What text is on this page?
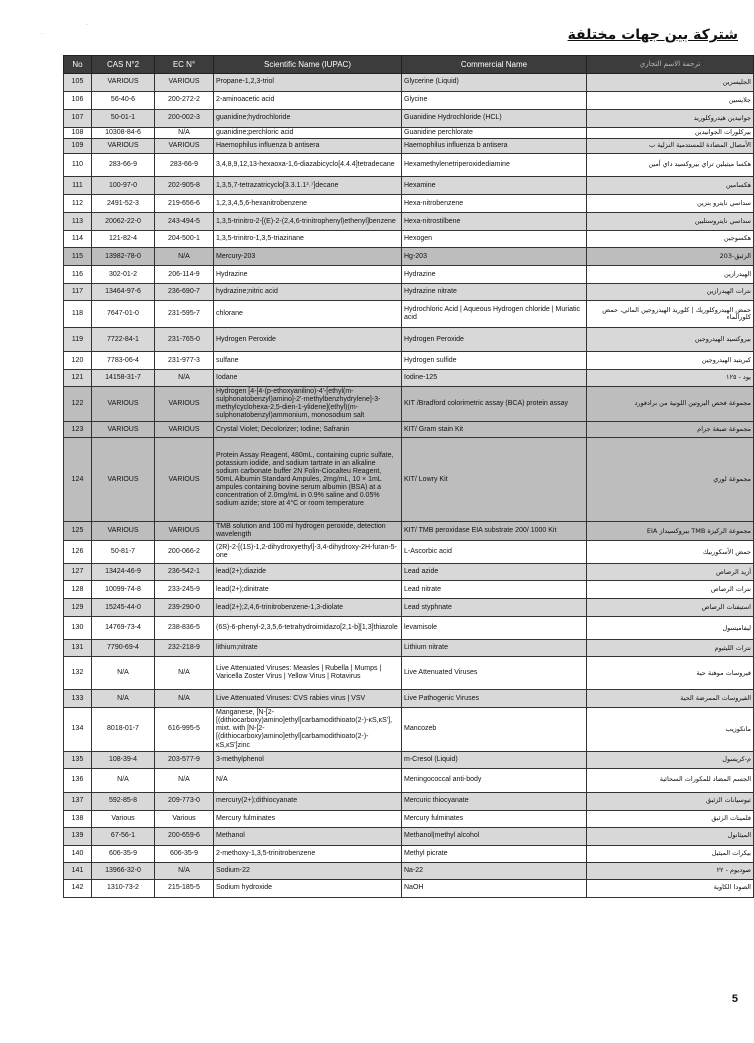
شتركة بين جهات مختلفة
·
·
No	CAS N°2	EC N°	Scientific Name (IUPAC)	Commercial Name	ترجمة الاسم التجاري
105	VARIOUS	VARIOUS	Propane-1,2,3-triol	Glycerine (Liquid)	الجليسرين
106	56-40-6	200-272-2	2-aminoacetic acid	Glycine	جلايسين
107	50-01-1	200-002-3	guanidine;hydrochloride	Guanidine Hydrochloride (HCL)	جوانيدين هيدروكلوريد
108	10308-84-6	N/A	guanidine;perchloric acid	Guanidine perchlorate	بيركلورات الجوانيدين
109	VARIOUS	VARIOUS	Haemophilus influenza b antisera	Haemophilus influenza b antisera	الأمصال المضادة للمستدمية النزلية ب
110	283-66-9	283-66-9	3,4,8,9,12,13-hexaoxa-1,6-diazabicyclo[4.4.4]tetradecane	Hexamethylenetriperoxidediamine	هكسا ميثيلين تراي بيروكسيد داي أمين
111	100-97-0	202-905-8	1,3,5,7-tetrazatricyclo[3.3.1.1³˒⁷]decane	Hexamine	هكسامين
112	2491-52-3	219-656-6	1,2,3,4,5,6-hexanitrobenzene	Hexa-nitrobenzene	سداسي نايترو بنزين
113	20062-22-0	243-494-5	1,3,5-trinitro-2-[(E)-2-(2,4,6-trinitrophenyl)ethenyl]benzene	Hexa-nitrostilbene	سداسي نايتروستلبين
114	121-82-4	204-500-1	1,3,5-trinitro-1,3,5-triazinane	Hexogen	هكسوجين
115	13982-78-0	N/A	Mercury-203	Hg-203	الزئبق-203
116	302-01-2	206-114-9	Hydrazine	Hydrazine	الهيدرازين
117	13464-97-6	236-690-7	hydrazine;nitric acid	Hydrazine nitrate	نترات الهيدرازين
118	7647-01-0	231-595-7	chlorane	Hydrochloric Acid | Aqueous Hydrogen chloride | Muriatic acid	حمض الهيدروكلوريك | كلوريد الهيدروجين المائي، حمض كلورالماء
119	7722-84-1	231-765-0	Hydrogen Peroxide	Hydrogen Peroxide	بيروكسيد الهيدروجين
120	7783-06-4	231-977-3	sulfane	Hydrogen sulfide	كبريتيد الهيدروجين
121	14158-31-7	N/A	Iodane	Iodine-125	يود - ١٢٥
122	VARIOUS	VARIOUS	Hydrogen [4-[4-(p-ethoxyanilino)-4'-[ethyl(m-sulphonatobenzyl)amino]-2'-methylbenzhydrylene]-3-methylcyclohexa-2,5-dien-1-ylidene](ethyl)(m-sulphonatobenzyl)ammonium, monosodium salt	KIT /Bradford colorimetric assay (BCA) protein assay	مجموعة فحص البروتين اللونية من برادفورد
123	VARIOUS	VARIOUS	Crystal Violet; Decolorizer; Iodine; Safranin	KIT/ Gram stain Kit	مجموعة صبغة جرام
124	VARIOUS	VARIOUS	Protein Assay Reagent, 480mL, containing cupric sulfate, potassium iodide, and sodium tartrate in an alkaline sodium carbonate buffer 2N Folin-Ciocalteu Reagent, 50mL Albumin Standard Ampules, 2mg/mL, 10 × 1mL ampules containing bovine serum albumin (BSA) at a concentration of 2.0mg/mL in 0.9% saline and 0.05% sodium azide; store at 4°C or room temperature	KIT/ Lowry Kit	مجموعة لوري
125	VARIOUS	VARIOUS	TMB solution and 100 ml hydrogen peroxide, detection wavelength	KIT/ TMB peroxidase EIA substrate 200/ 1000 Kit	مجموعة الركيزة TMB بيروكسيداز EIA
126	50-81-7	200-066-2	(2R)-2-[(1S)-1,2-dihydroxyethyl]-3,4-dihydroxy-2H-furan-5-one	L-Ascorbic acid	حمض الأسكوربيك
127	13424-46-9	236-542-1	lead(2+);diazide	Lead azide	أزيد الرصاص
128	10099-74-8	233-245-9	lead(2+);dinitrate	Lead nitrate	نترات الرصاص
129	15245-44-0	239-290-0	lead(2+);2,4,6-trinitrobenzene-1,3-diolate	Lead styphnate	استيفنات الرصاص
130	14769-73-4	238-836-5	(6S)-6-phenyl-2,3,5,6-tetrahydroimidazo[2,1-b][1,3]thiazole	levamisole	ليفاميسول
131	7790-69-4	232-218-9	lithium;nitrate	Lithium nitrate	نترات الليثيوم
132	N/A	N/A	Live Attenuated Viruses: Measles | Rubella | Mumps | Varicella Zoster Virus | Yellow Virus | Rotavirus	Live Attenuated Viruses	فيروسات موهنة حية
133	N/A	N/A	Live Attenuated Viruses: CVS rabies virus | VSV	Live Pathogenic Viruses	الفيروسات الممرضة الحية
134	8018-01-7	616-995-5	Manganese, [N-[2-[(dithiocarboxy)amino]ethyl]carbamodithioato(2-)-κS,κS'], mixt. with [N-[2-[(dithiocarboxy)amino]ethyl]carbamodithioato(2-)-κS,κS']zinc	Mancozeb	مانكوزيب
135	108-39-4	203-577-9	3-methylphenol	m-Cresol (Liquid)	م-كريسول
136	N/A	N/A	N/A	Meningococcal anti-body	الجسم المضاد للمكورات السحائية
137	592-85-8	209-773-0	mercury(2+);dithiocyanate	Mercuric thiocyanate	ثيوسيانات الزئبق
138	Various	Various	Mercury fulminates	Mercury fulminates	فلمينات الزئبق
139	67-56-1	200-659-6	Methanol	Methanol|methyl alcohol	الميثانول
140	606-35-9	606-35-9	2-methoxy-1,3,5-trinitrobenzene	Methyl picrate	بيكرات الميثيل
141	13966-32-0	N/A	Sodium-22	Na-22	صوديوم - ٢٢
142	1310-73-2	215-185-5	Sodium hydroxide	NaOH	الصودا الكاوية
5
